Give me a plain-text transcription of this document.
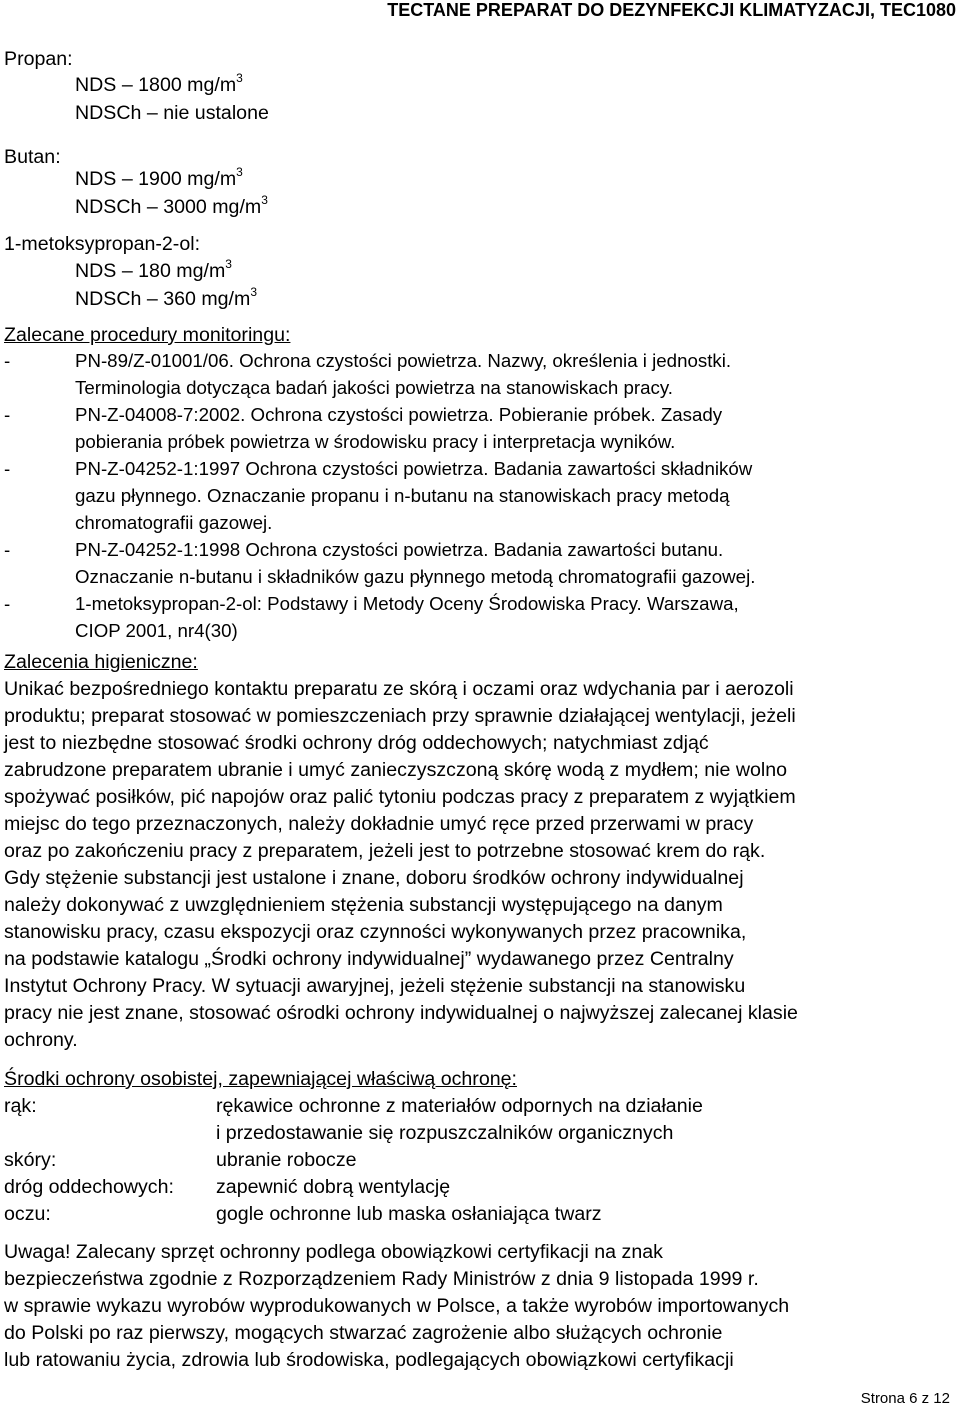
TECTANE PREPARAT DO DEZYNFEKCJI KLIMATYZACJI, TEC1080
Propan:
NDS – 1800 $mg/m^3$
NDSCh – nie ustalone
Butan:
NDS – 1900 $mg/m^3$
NDSCh – 3000 $mg/m^3$
1-metoksypropan-2-ol:
NDS – 180 $mg/m^3$
NDSCh – 360 $mg/m^3$
Zalecane procedury monitoringu:
-	PN-89/Z-01001/06. Ochrona czystości powietrza. Nazwy, określenia i jednostki.
Terminologia dotycząca badań jakości powietrza na stanowiskach pracy.
-	PN-Z-04008-7:2002. Ochrona czystości powietrza. Pobieranie próbek. Zasady
pobierania próbek powietrza w środowisku pracy i interpretacja wyników.
-	PN-Z-04252-1:1997 Ochrona czystości powietrza. Badania zawartości składników
gazu płynnego. Oznaczanie propanu i n-butanu na stanowiskach pracy metodą
chromatografii gazowej.
-	PN-Z-04252-1:1998 Ochrona czystości powietrza. Badania zawartości butanu.
Oznaczanie n-butanu i składników gazu płynnego metodą chromatografii gazowej.
-	1-metoksypropan-2-ol: Podstawy i Metody Oceny Środowiska Pracy. Warszawa,
CIOP 2001, nr4(30)
Zalecenia higieniczne:
Unikać bezpośredniego kontaktu preparatu ze skórą i oczami oraz wdychania par i aerozoli
produktu; preparat stosować w pomieszczeniach przy sprawnie działającej wentylacji, jeżeli
jest to niezbędne stosować środki ochrony dróg oddechowych; natychmiast zdjąć
zabrudzone preparatem ubranie i umyć zanieczyszczoną skórę wodą z mydłem; nie wolno
spożywać posiłków, pić napojów oraz palić tytoniu podczas pracy z preparatem z wyjątkiem
miejsc do tego przeznaczonych, należy dokładnie umyć ręce przed przerwami w pracy
oraz po zakończeniu pracy z preparatem, jeżeli jest to potrzebne stosować krem do rąk.
Gdy stężenie substancji jest ustalone i znane, doboru środków ochrony indywidualnej
należy dokonywać z uwzględnieniem stężenia substancji występującego na danym
stanowisku pracy, czasu ekspozycji oraz czynności wykonywanych przez pracownika,
na podstawie katalogu „Środki ochrony indywidualnej” wydawanego przez Centralny
Instytut Ochrony Pracy. W sytuacji awaryjnej, jeżeli stężenie substancji na stanowisku
pracy nie jest znane, stosować ośrodki ochrony indywidualnej o najwyższej zalecanej klasie
ochrony.
Środki ochrony osobistej, zapewniającej właściwą ochronę:
rąk:	rękawice ochronne z materiałów odpornych na działanie
i przedostawanie się rozpuszczalników organicznych
skóry:	ubranie robocze
dróg oddechowych: zapewnić dobrą wentylację
oczu:	gogle ochronne lub maska osłaniająca twarz
Uwaga! Zalecany sprzęt ochronny podlega obowiązkowi certyfikacji na znak
bezpieczeństwa zgodnie z Rozporządzeniem Rady Ministrów z dnia 9 listopada 1999 r.
w sprawie wykazu wyrobów wyprodukowanych w Polsce, a także wyrobów importowanych
do Polski po raz pierwszy, mogących stwarzać zagrożenie albo służących ochronie
lub ratowaniu życia, zdrowia lub środowiska, podlegających obowiązkowi certyfikacji
Strona 6 z 12
